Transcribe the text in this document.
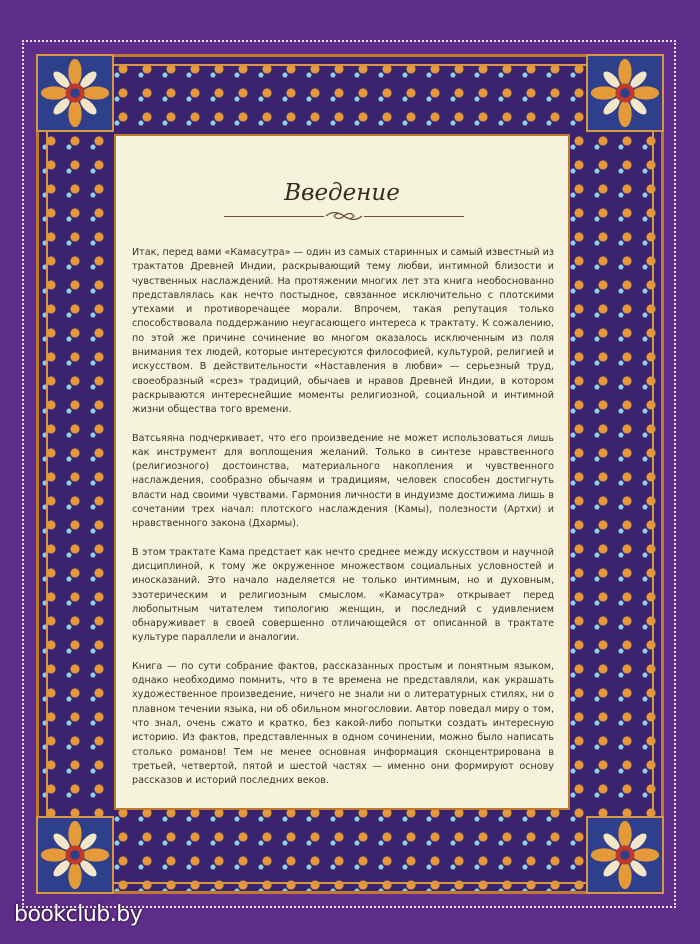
Введение

Итак, перед вами «Камасутра» — один из самых старинных и самый известный из трактатов Древней Индии, раскрывающий тему любви, интимной близости и чувственных наслаждений. На протяжении многих лет эта книга необоснованно представлялась как нечто постыдное, связанное исключительно с плотскими утехами и противоречащее морали. Впрочем, такая репутация только способствовала поддержанию неугасающего интереса к трактату. К сожалению, по этой же причине сочинение во многом оказалось исключенным из поля внимания тех людей, которые интересуются философией, культурой, религией и искусством. В действительности «Наставления в любви» — серьезный труд, своеобразный «срез» традиций, обычаев и нравов Древней Индии, в котором раскрываются интереснейшие моменты религиозной, социальной и интимной жизни общества того времени.

Ватсьяяна подчеркивает, что его произведение не может использоваться лишь как инструмент для воплощения желаний. Только в синтезе нравственного (религиозного) достоинства, материального накопления и чувственного наслаждения, сообразно обычаям и традициям, человек способен достигнуть власти над своими чувствами. Гармония личности в индуизме достижима лишь в сочетании трех начал: плотского наслаждения (Камы), полезности (Артхи) и нравственного закона (Дхармы).

В этом трактате Кама предстает как нечто среднее между искусством и научной дисциплиной, к тому же окруженное множеством социальных условностей и иносказаний. Это начало наделяется не только интимным, но и духовным, эзотерическим и религиозным смыслом. «Камасутра» открывает перед любопытным читателем типологию женщин, и последний с удивлением обнаруживает в своей совершенно отличающейся от описанной в трактате культуре параллели и аналогии.

Книга — по сути собрание фактов, рассказанных простым и понятным языком, однако необходимо помнить, что в те времена не представляли, как украшать художественное произведение, ничего не знали ни о литературных стилях, ни о плавном течении языка, ни об обильном многословии. Автор поведал миру о том, что знал, очень сжато и кратко, без какой-либо попытки создать интересную историю. Из фактов, представленных в одном сочинении, можно было написать столько романов! Тем не менее основная информация сконцентрирована в третьей, четвертой, пятой и шестой частях — именно они формируют основу рассказов и историй последних веков.

bookclub.by
